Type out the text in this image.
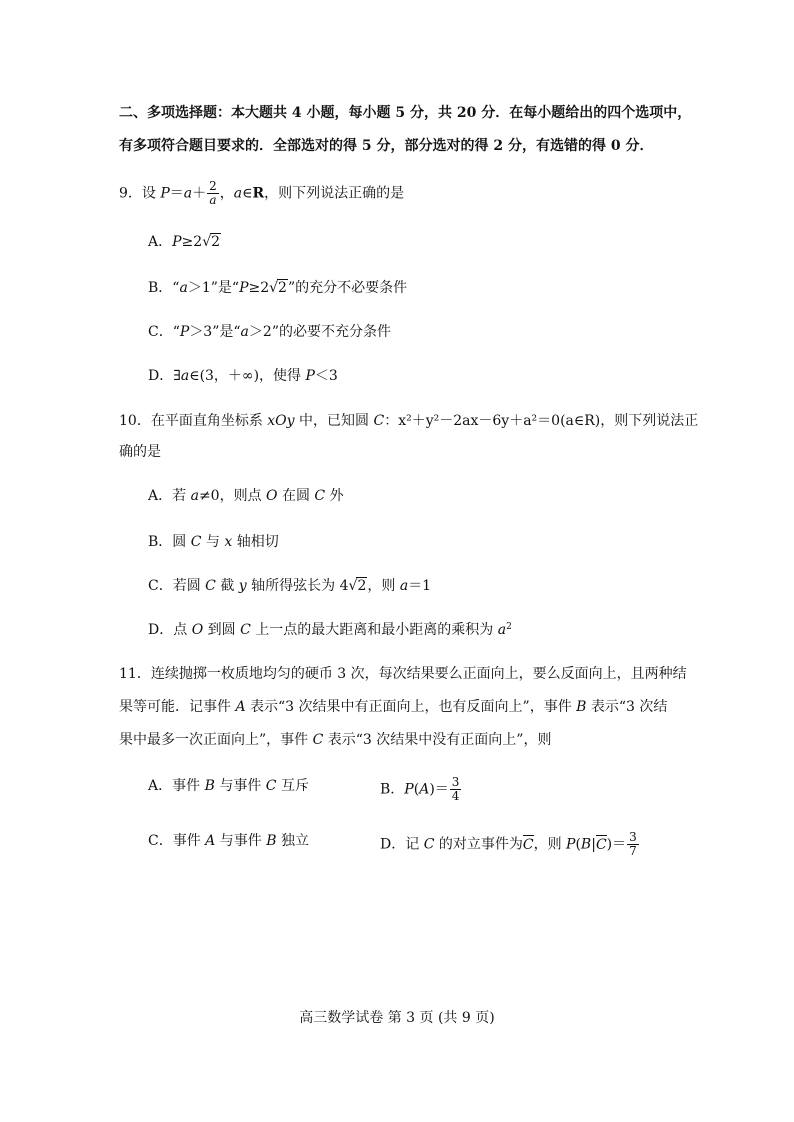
二、多项选择题：本大题共 4 小题，每小题 5 分，共 20 分．在每小题给出的四个选项中，
有多项符合题目要求的．全部选对的得 5 分，部分选对的得 2 分，有选错的得 0 分．
9．设 $P=a+ \frac{2}{a}$ ，a∈R，则下列说法正确的是
A．P≥2√2
B．“a＞1”是“P≥2√2”的充分不必要条件
C．“P＞3”是“a＞2”的必要不充分条件
D．∃a∈(3，＋∞)，使得 P＜3
10．在平面直角坐标系 xOy 中，已知圆 C：x²＋y²－2ax－6y＋a²＝0(a∈R)，则下列说法正
确的是
A．若 a≠0，则点 O 在圆 C 外
B．圆 C 与 x 轴相切
C．若圆 C 截 y 轴所得弦长为 4√2，则 a＝1
D．点 O 到圆 C 上一点的最大距离和最小距离的乘积为 $a^2$
11．连续抛掷一枚质地均匀的硬币 3 次，每次结果要么正面向上，要么反面向上，且两种结
果等可能．记事件 A 表示“3 次结果中有正面向上，也有反面向上”，事件 B 表示“3 次结
果中最多一次正面向上”，事件 C 表示“3 次结果中没有正面向上”，则
A．事件 B 与事件 C 互斥	B．$P(A)= \frac{3}{4}$
C．事件 A 与事件 B 独立	D．记 C 的对立事件为C，则 $P(B|C)= \frac{3}{7}$
高三数学试卷 第 3 页 (共 9 页)
